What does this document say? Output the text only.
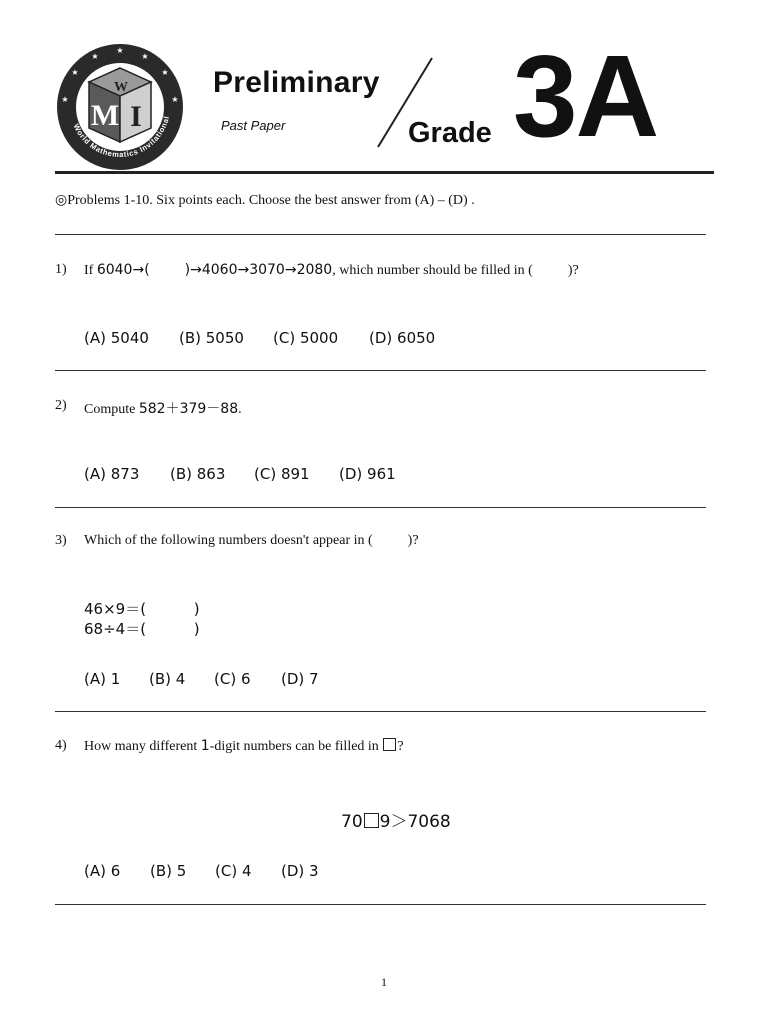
★
★	★
★	★
★	★
World Mathematics Invitational
M I
W	Preliminary
Past Paper	Grade 3A
◎Problems 1-10. Six points each. Choose the best answer from (A) – (D) .
1) If 6040→(	)→4060→3070→2080, which number should be filled in (	)?
(A) 5040 (B) 5050 (C) 5000 (D) 6050
2) Compute 582＋379－88.
(A) 873 (B) 863 (C) 891 (D) 961
3) Which of the following numbers doesn't appear in (          )?
46×9＝(          )
68÷4＝(          )
(A) 1 (B) 4 (C) 6 (D) 7
4) How many different 1-digit numbers can be filled in ?
70 9＞7068
(A) 6 (B) 5 (C) 4 (D) 3
1
